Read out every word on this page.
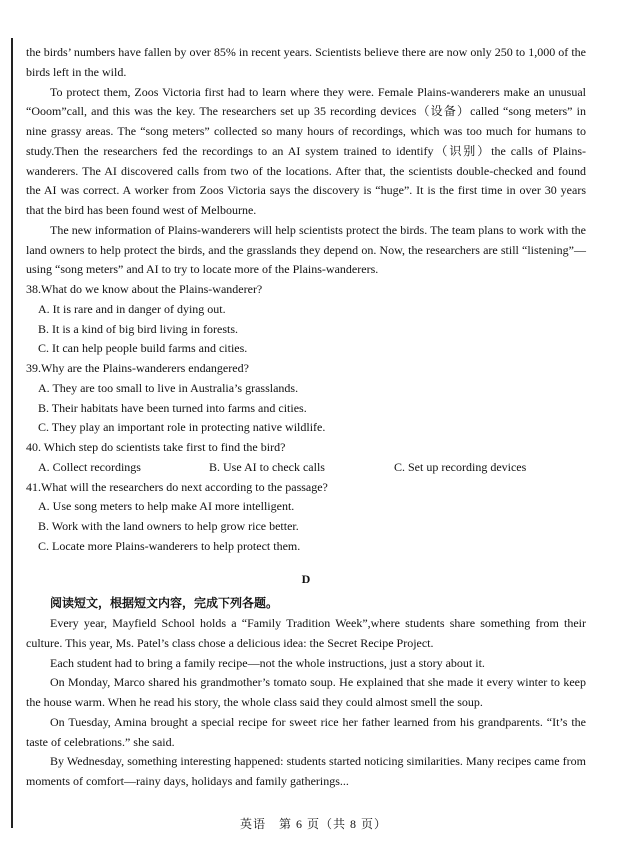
the birds’ numbers have fallen by over 85% in recent years. Scientists believe there are now only 250 to 1,000 of the birds left in the wild.

To protect them, Zoos Victoria first had to learn where they were. Female Plains-wanderers make an unusual “Ooom”call, and this was the key. The researchers set up 35 recording devices（设备）called “song meters” in nine grassy areas. The “song meters” collected so many hours of recordings, which was too much for humans to study.Then the researchers fed the recordings to an AI system trained to identify（识别）the calls of Plains-wanderers. The AI discovered calls from two of the locations. After that, the scientists double-checked and found the AI was correct. A worker from Zoos Victoria says the discovery is “huge”. It is the first time in over 30 years that the bird has been found west of Melbourne.

The new information of Plains-wanderers will help scientists protect the birds. The team plans to work with the land owners to help protect the birds, and the grasslands they depend on. Now, the researchers are still “listening”—using “song meters” and AI to try to locate more of the Plains-wanderers.

38.What do we know about the Plains-wanderer?

A. It is rare and in danger of dying out.

B. It is a kind of big bird living in forests.

C. It can help people build farms and cities.

39.Why are the Plains-wanderers endangered?

A. They are too small to live in Australia’s grasslands.

B. Their habitats have been turned into farms and cities.

C. They play an important role in protecting native wildlife.

40. Which step do scientists take first to find the bird?

A. Collect recordings	B. Use AI to check calls	C. Set up recording devices

41.What will the researchers do next according to the passage?

A. Use song meters to help make AI more intelligent.

B. Work with the land owners to help grow rice better.

C. Locate more Plains-wanderers to help protect them.

D

阅读短文，根据短文内容，完成下列各题。

Every year, Mayfield School holds a “Family Tradition Week”,where students share something from their culture. This year, Ms. Patel’s class chose a delicious idea: the Secret Recipe Project.

Each student had to bring a family recipe—not the whole instructions, just a story about it.

On Monday, Marco shared his grandmother’s tomato soup. He explained that she made it every winter to keep the house warm. When he read his story, the whole class said they could almost smell the soup.

On Tuesday, Amina brought a special recipe for sweet rice her father learned from his grandparents. “It’s the taste of celebrations.” she said.

By Wednesday, something interesting happened: students started noticing similarities. Many recipes came from moments of comfort—rainy days, holidays and family gatherings...

英语　第 6 页（共 8 页）
